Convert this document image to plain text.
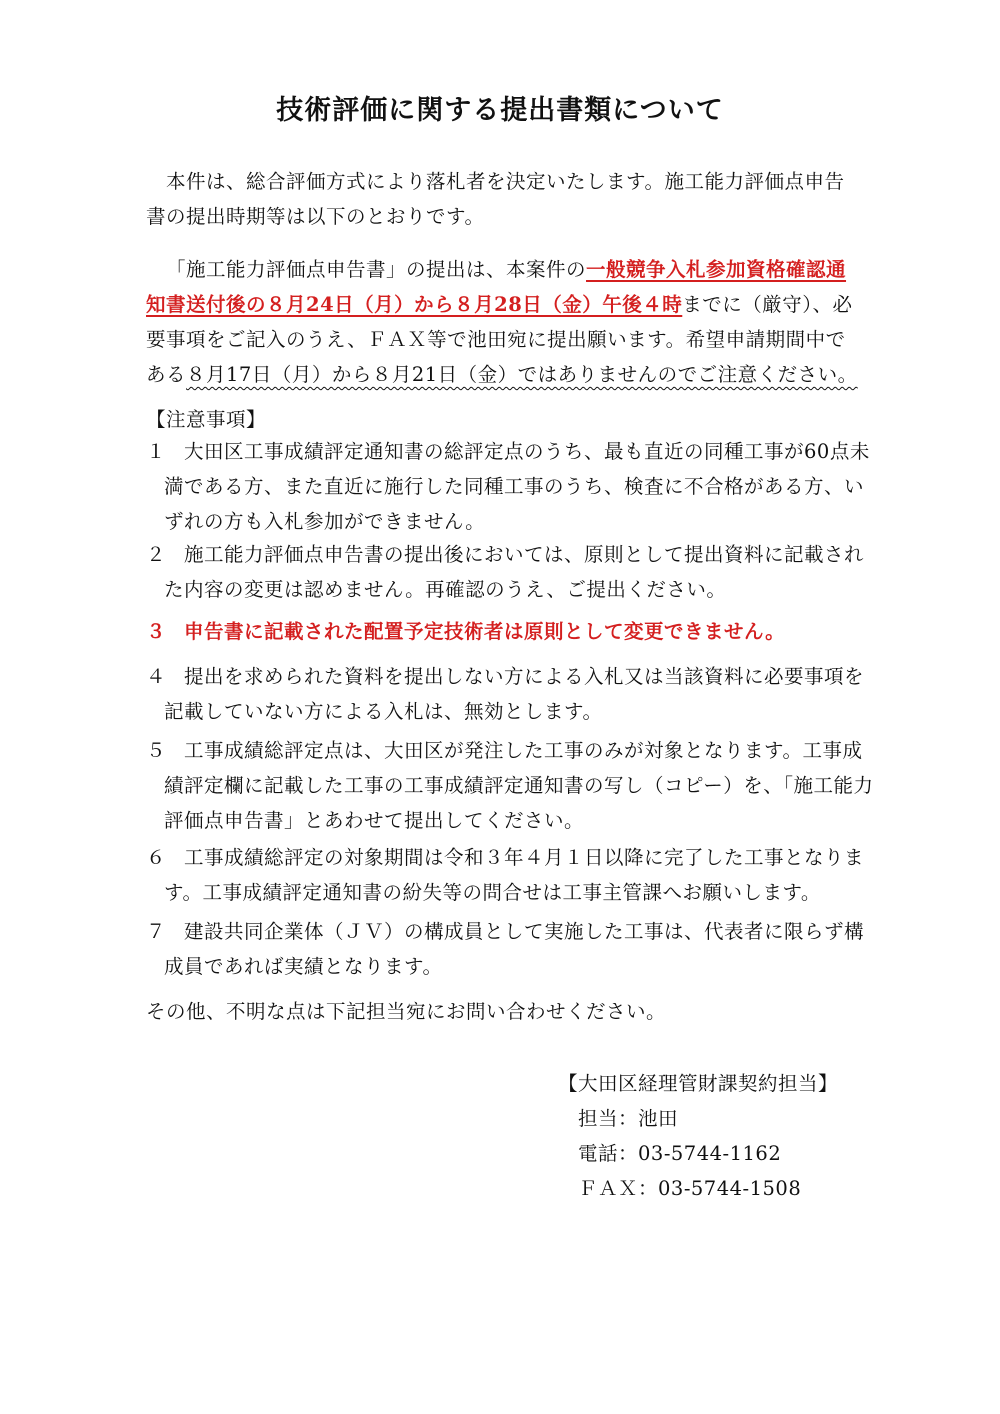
技術評価に関する提出書類について

本件は、総合評価方式により落札者を決定いたします。施工能力評価点申告書の提出時期等は以下のとおりです。

「施工能力評価点申告書」の提出は、本案件の一般競争入札参加資格確認通知書送付後の８月24日（月）から８月28日（金）午後４時までに（厳守）、必要事項をご記入のうえ、ＦＡＸ等で池田宛に提出願います。希望申請期間中である８月17日（月）から８月21日（金）ではありませんのでご注意ください。

【注意事項】

１ 大田区工事成績評定通知書の総評定点のうち、最も直近の同種工事が60点未満である方、また直近に施行した同種工事のうち、検査に不合格がある方、いずれの方も入札参加ができません。

２ 施工能力評価点申告書の提出後においては、原則として提出資料に記載された内容の変更は認めません。再確認のうえ、ご提出ください。

３ 申告書に記載された配置予定技術者は原則として変更できません。

４ 提出を求められた資料を提出しない方による入札又は当該資料に必要事項を記載していない方による入札は、無効とします。

５ 工事成績総評定点は、大田区が発注した工事のみが対象となります。工事成績評定欄に記載した工事の工事成績評定通知書の写し（コピー）を、「施工能力評価点申告書」とあわせて提出してください。

６ 工事成績総評定の対象期間は令和３年４月１日以降に完了した工事となります。工事成績評定通知書の紛失等の問合せは工事主管課へお願いします。

７ 建設共同企業体（ＪＶ）の構成員として実施した工事は、代表者に限らず構成員であれば実績となります。

その他、不明な点は下記担当宛にお問い合わせください。

【大田区経理管財課契約担当】
担当：池田
電話：03-5744-1162
ＦＡＸ：03-5744-1508
